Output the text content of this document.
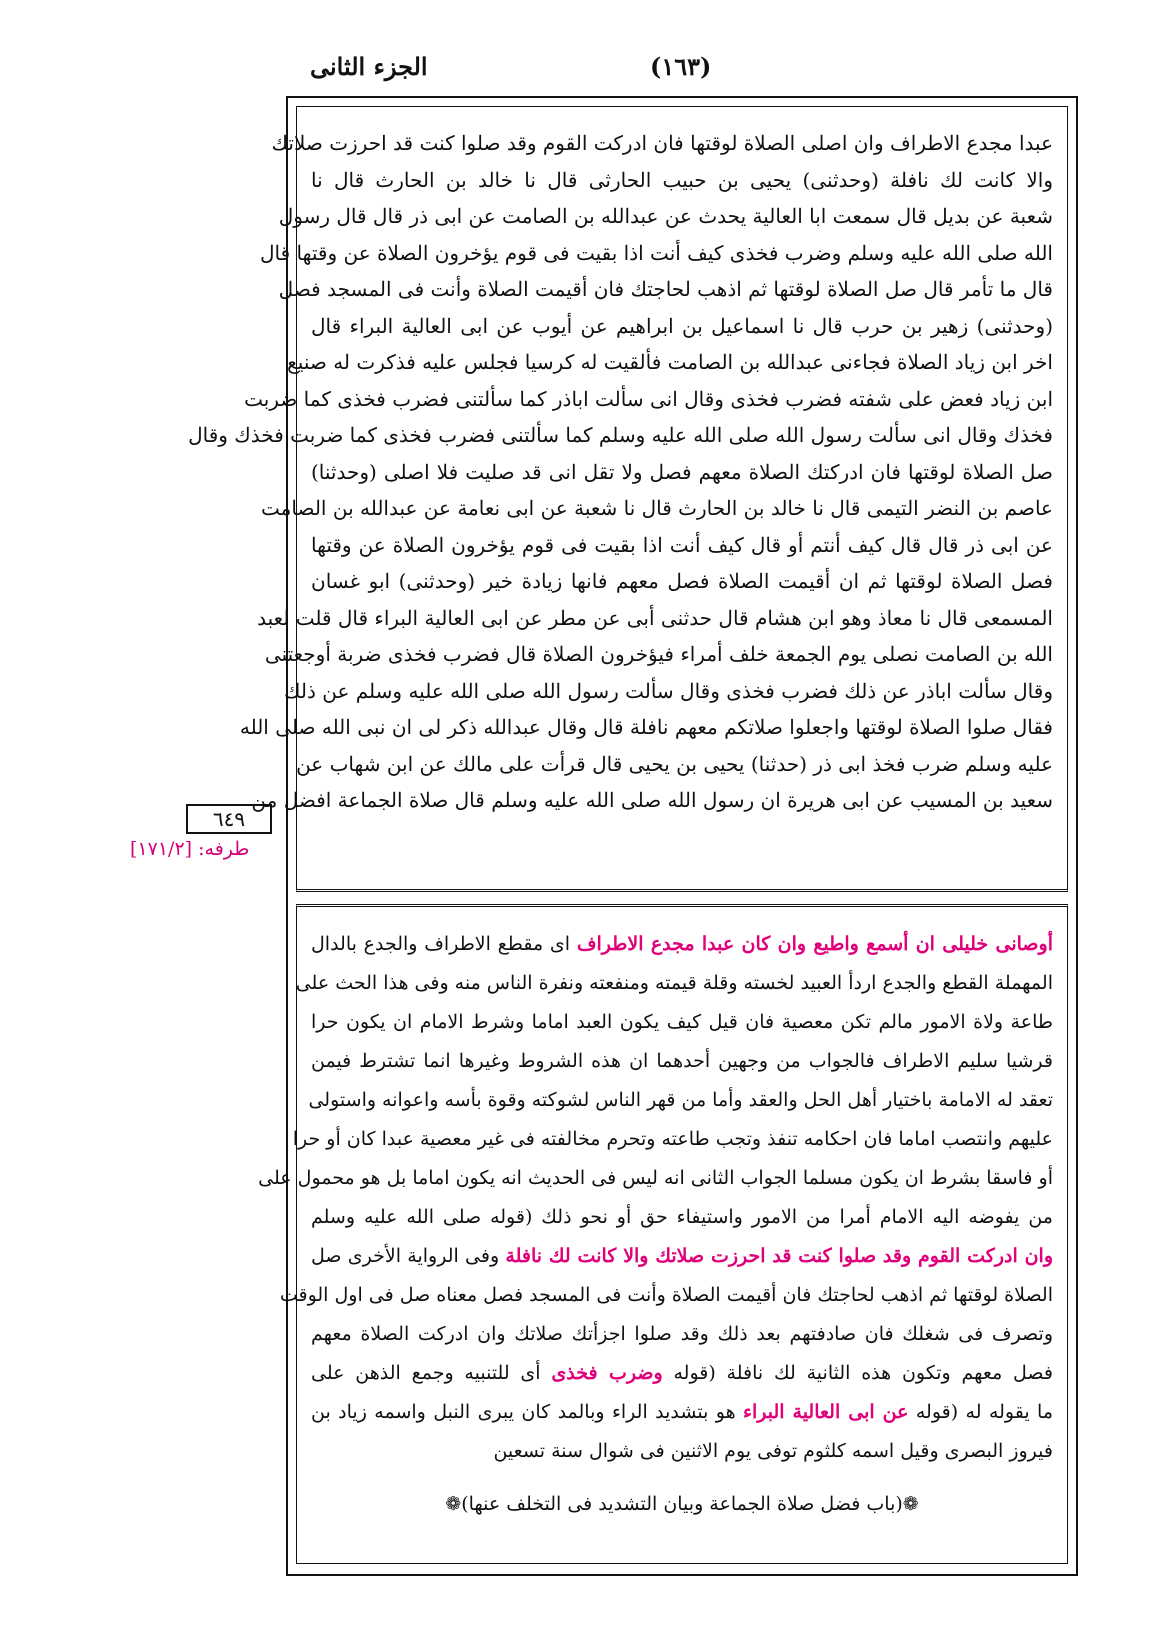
الجزء الثانى	(١٦٣)
٦٤٩
طرفه: [١٧١/٢]
عبدا مجدع الاطراف وان اصلى الصلاة لوقتها فان ادركت القوم وقد صلوا كنت قد احرزت صلاتك
والا كانت لك نافلة (وحدثنى) يحيى بن حبيب الحارثى قال نا خالد بن الحارث قال نا
شعبة عن بديل قال سمعت ابا العالية يحدث عن عبدالله بن الصامت عن ابى ذر قال قال رسول
الله صلى الله عليه وسلم وضرب فخذى كيف أنت اذا بقيت فى قوم يؤخرون الصلاة عن وقتها قال
قال ما تأمر قال صل الصلاة لوقتها ثم اذهب لحاجتك فان أقيمت الصلاة وأنت فى المسجد فصل
(وحدثنى) زهير بن حرب قال نا اسماعيل بن ابراهيم عن أيوب عن ابى العالية البراء قال
اخر ابن زياد الصلاة فجاءنى عبدالله بن الصامت فألقيت له كرسيا فجلس عليه فذكرت له صنيع
ابن زياد فعض على شفته فضرب فخذى وقال انى سألت اباذر كما سألتنى فضرب فخذى كما ضربت
فخذك وقال انى سألت رسول الله صلى الله عليه وسلم كما سألتنى فضرب فخذى كما ضربت فخذك وقال
صل الصلاة لوقتها فان ادركتك الصلاة معهم فصل ولا تقل انى قد صليت فلا اصلى (وحدثنا)
عاصم بن النضر التيمى قال نا خالد بن الحارث قال نا شعبة عن ابى نعامة عن عبدالله بن الصامت
عن ابى ذر قال قال كيف أنتم أو قال كيف أنت اذا بقيت فى قوم يؤخرون الصلاة عن وقتها
فصل الصلاة لوقتها ثم ان أقيمت الصلاة فصل معهم فانها زيادة خير (وحدثنى) ابو غسان
المسمعى قال نا معاذ وهو ابن هشام قال حدثنى أبى عن مطر عن ابى العالية البراء قال قلت لعبد
الله بن الصامت نصلى يوم الجمعة خلف أمراء فيؤخرون الصلاة قال فضرب فخذى ضربة أوجعتنى
وقال سألت اباذر عن ذلك فضرب فخذى وقال سألت رسول الله صلى الله عليه وسلم عن ذلك
فقال صلوا الصلاة لوقتها واجعلوا صلاتكم معهم نافلة قال وقال عبدالله ذكر لى ان نبى الله صلى الله
عليه وسلم ضرب فخذ ابى ذر (حدثنا) يحيى بن يحيى قال قرأت على مالك عن ابن شهاب عن
سعيد بن المسيب عن ابى هريرة ان رسول الله صلى الله عليه وسلم قال صلاة الجماعة افضل من
أوصانى خليلى ان أسمع واطيع وان كان عبدا مجدع الاطراف اى مقطع الاطراف والجدع بالدال
المهملة القطع والجدع اردأ العبيد لخسته وقلة قيمته ومنفعته ونفرة الناس منه وفى هذا الحث على
طاعة ولاة الامور مالم تكن معصية فان قيل كيف يكون العبد اماما وشرط الامام ان يكون حرا
قرشيا سليم الاطراف فالجواب من وجهين أحدهما ان هذه الشروط وغيرها انما تشترط فيمن
تعقد له الامامة باختيار أهل الحل والعقد وأما من قهر الناس لشوكته وقوة بأسه واعوانه واستولى
عليهم وانتصب اماما فان احكامه تنفذ وتجب طاعته وتحرم مخالفته فى غير معصية عبدا كان أو حرا
أو فاسقا بشرط ان يكون مسلما الجواب الثانى انه ليس فى الحديث انه يكون اماما بل هو محمول على
من يفوضه اليه الامام أمرا من الامور واستيفاء حق أو نحو ذلك (قوله صلى الله عليه وسلم
وان ادركت القوم وقد صلوا كنت قد احرزت صلاتك والا كانت لك نافلة وفى الرواية الأخرى صل
الصلاة لوقتها ثم اذهب لحاجتك فان أقيمت الصلاة وأنت فى المسجد فصل معناه صل فى اول الوقت
وتصرف فى شغلك فان صادفتهم بعد ذلك وقد صلوا اجزأتك صلاتك وان ادركت الصلاة معهم
فصل معهم وتكون هذه الثانية لك نافلة (قوله وضرب فخذى أى للتنبيه وجمع الذهن على
ما يقوله له (قوله عن ابى العالية البراء هو بتشديد الراء وبالمد كان يبرى النبل واسمه زياد بن
فيروز البصرى وقيل اسمه كلثوم توفى يوم الاثنين فى شوال سنة تسعين
❁(باب فضل صلاة الجماعة وبيان التشديد فى التخلف عنها)❁
